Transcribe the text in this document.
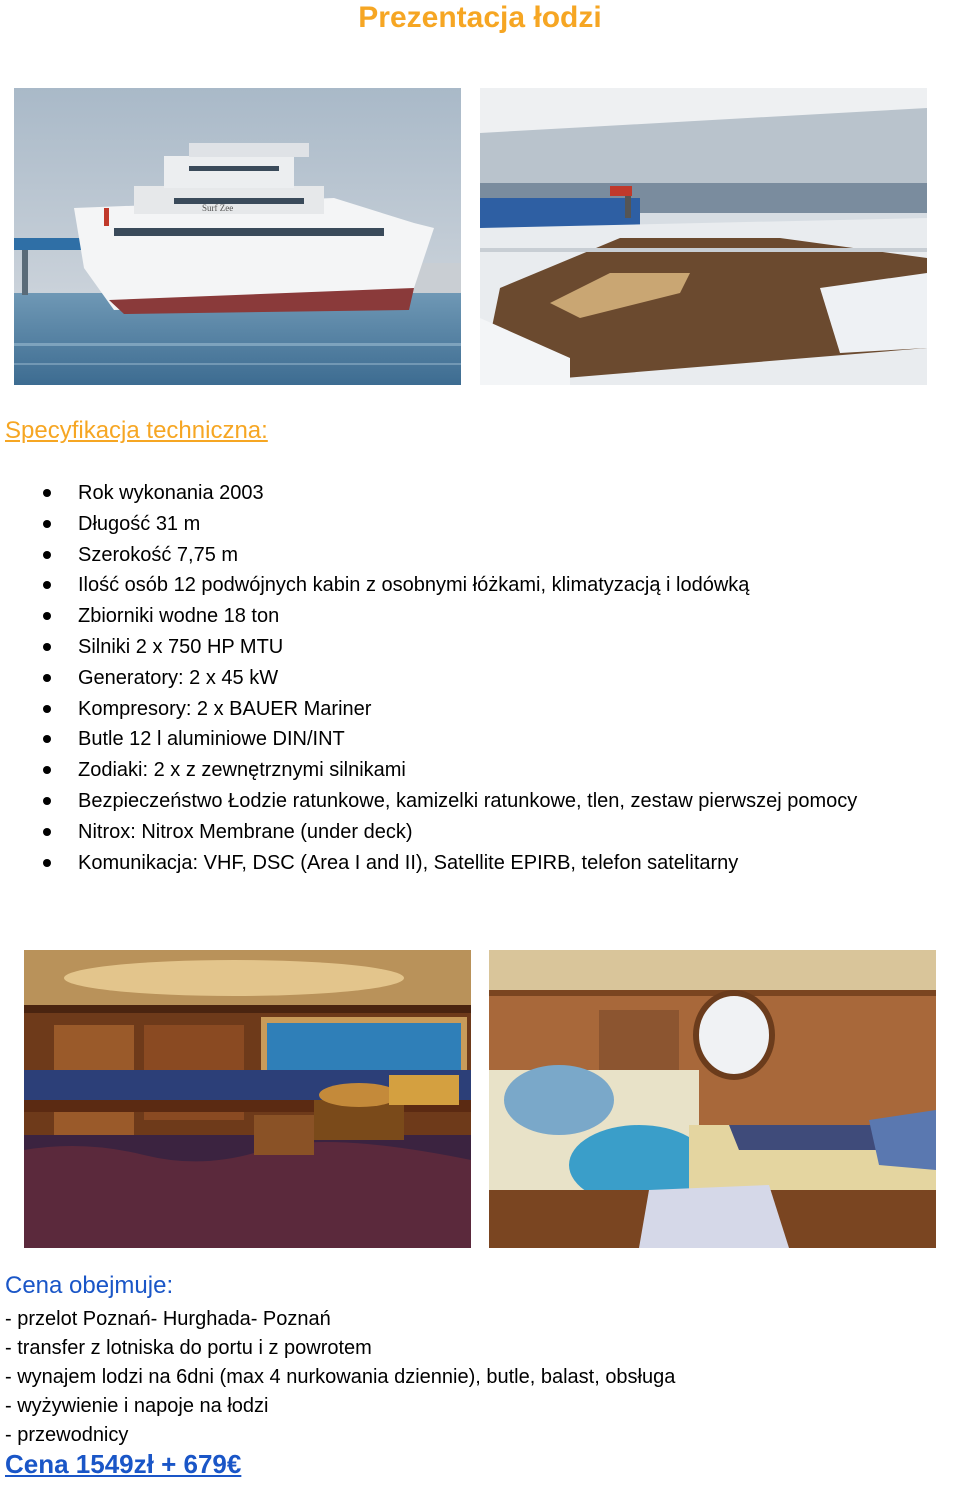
Prezentacja łodzi
Surf Zee
Specyfikacja techniczna:
Rok wykonania 2003
Długość 31 m
Szerokość 7,75 m
Ilość osób 12 podwójnych kabin z osobnymi łóżkami, klimatyzacją i lodówką
Zbiorniki wodne 18 ton
Silniki 2 x 750 HP MTU
Generatory: 2 x 45 kW
Kompresory: 2 x BAUER Mariner
Butle 12 l aluminiowe DIN/INT
Zodiaki: 2 x z zewnętrznymi silnikami
Bezpieczeństwo Łodzie ratunkowe, kamizelki ratunkowe, tlen, zestaw pierwszej pomocy
Nitrox: Nitrox Membrane (under deck)
Komunikacja: VHF, DSC (Area I and II), Satellite EPIRB, telefon satelitarny
Cena obejmuje:
- przelot Poznań- Hurghada- Poznań
- transfer z lotniska do portu i z powrotem
- wynajem lodzi na 6dni (max 4 nurkowania dziennie), butle, balast, obsługa
- wyżywienie i napoje na łodzi
- przewodnicy
Cena 1549zł + 679€
